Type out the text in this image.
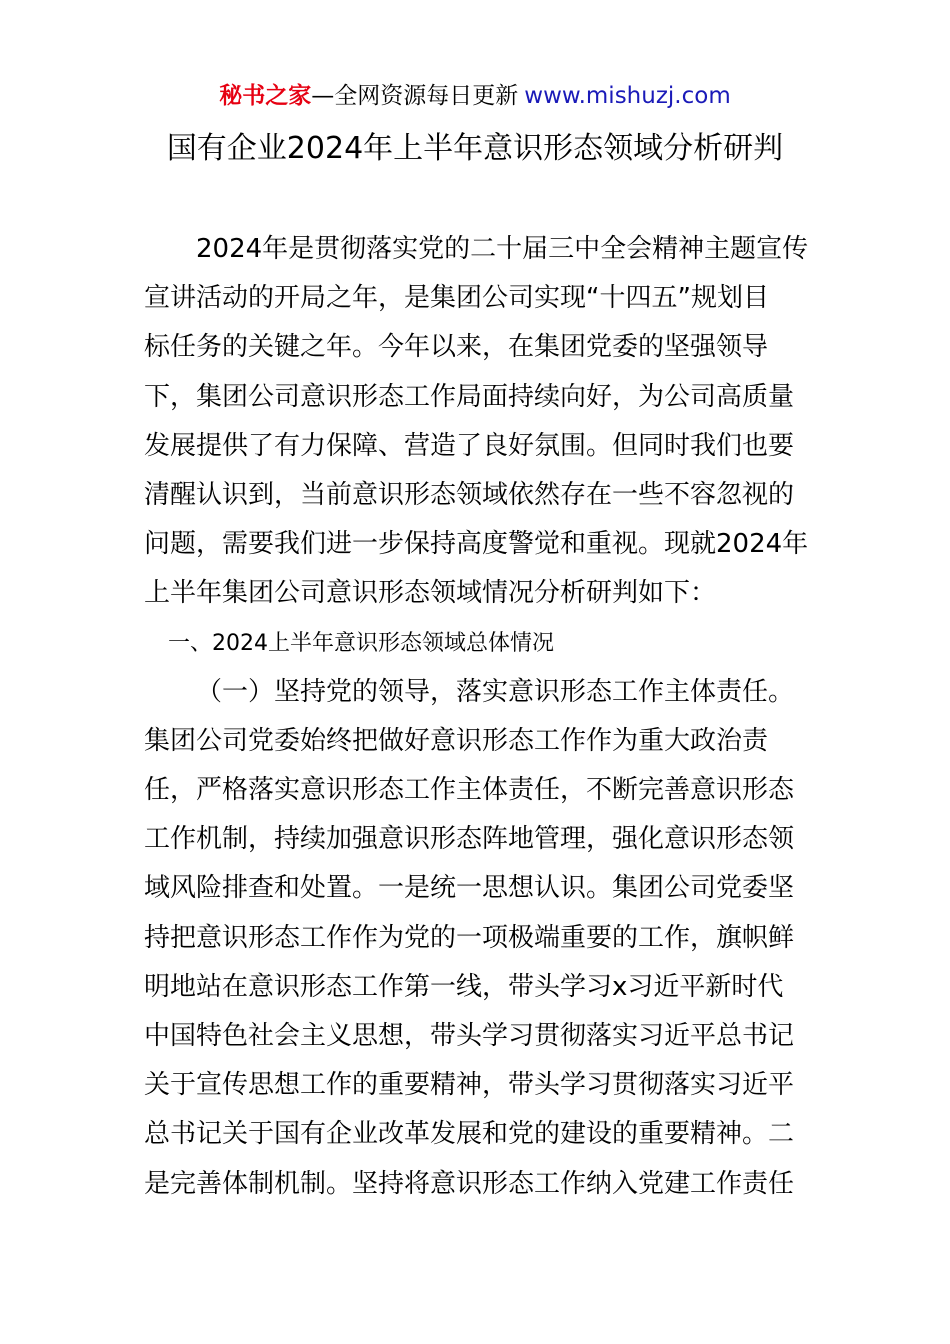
秘书之家—全网资源每日更新 www.mishuzj.com
国有企业2024年上半年意识形态领域分析研判
2024年是贯彻落实党的二十届三中全会精神主题宣传
宣讲活动的开局之年，是集团公司实现“十四五”规划目
标任务的关键之年。今年以来，在集团党委的坚强领导
下，集团公司意识形态工作局面持续向好，为公司高质量
发展提供了有力保障、营造了良好氛围。但同时我们也要
清醒认识到，当前意识形态领域依然存在一些不容忽视的
问题，需要我们进一步保持高度警觉和重视。现就2024年
上半年集团公司意识形态领域情况分析研判如下：
一、2024上半年意识形态领域总体情况
（一）坚持党的领导，落实意识形态工作主体责任。
集团公司党委始终把做好意识形态工作作为重大政治责
任，严格落实意识形态工作主体责任，不断完善意识形态
工作机制，持续加强意识形态阵地管理，强化意识形态领
域风险排查和处置。一是统一思想认识。集团公司党委坚
持把意识形态工作作为党的一项极端重要的工作，旗帜鲜
明地站在意识形态工作第一线，带头学习x习近平新时代
中国特色社会主义思想，带头学习贯彻落实习近平总书记
关于宣传思想工作的重要精神，带头学习贯彻落实习近平
总书记关于国有企业改革发展和党的建设的重要精神。二
是完善体制机制。坚持将意识形态工作纳入党建工作责任
